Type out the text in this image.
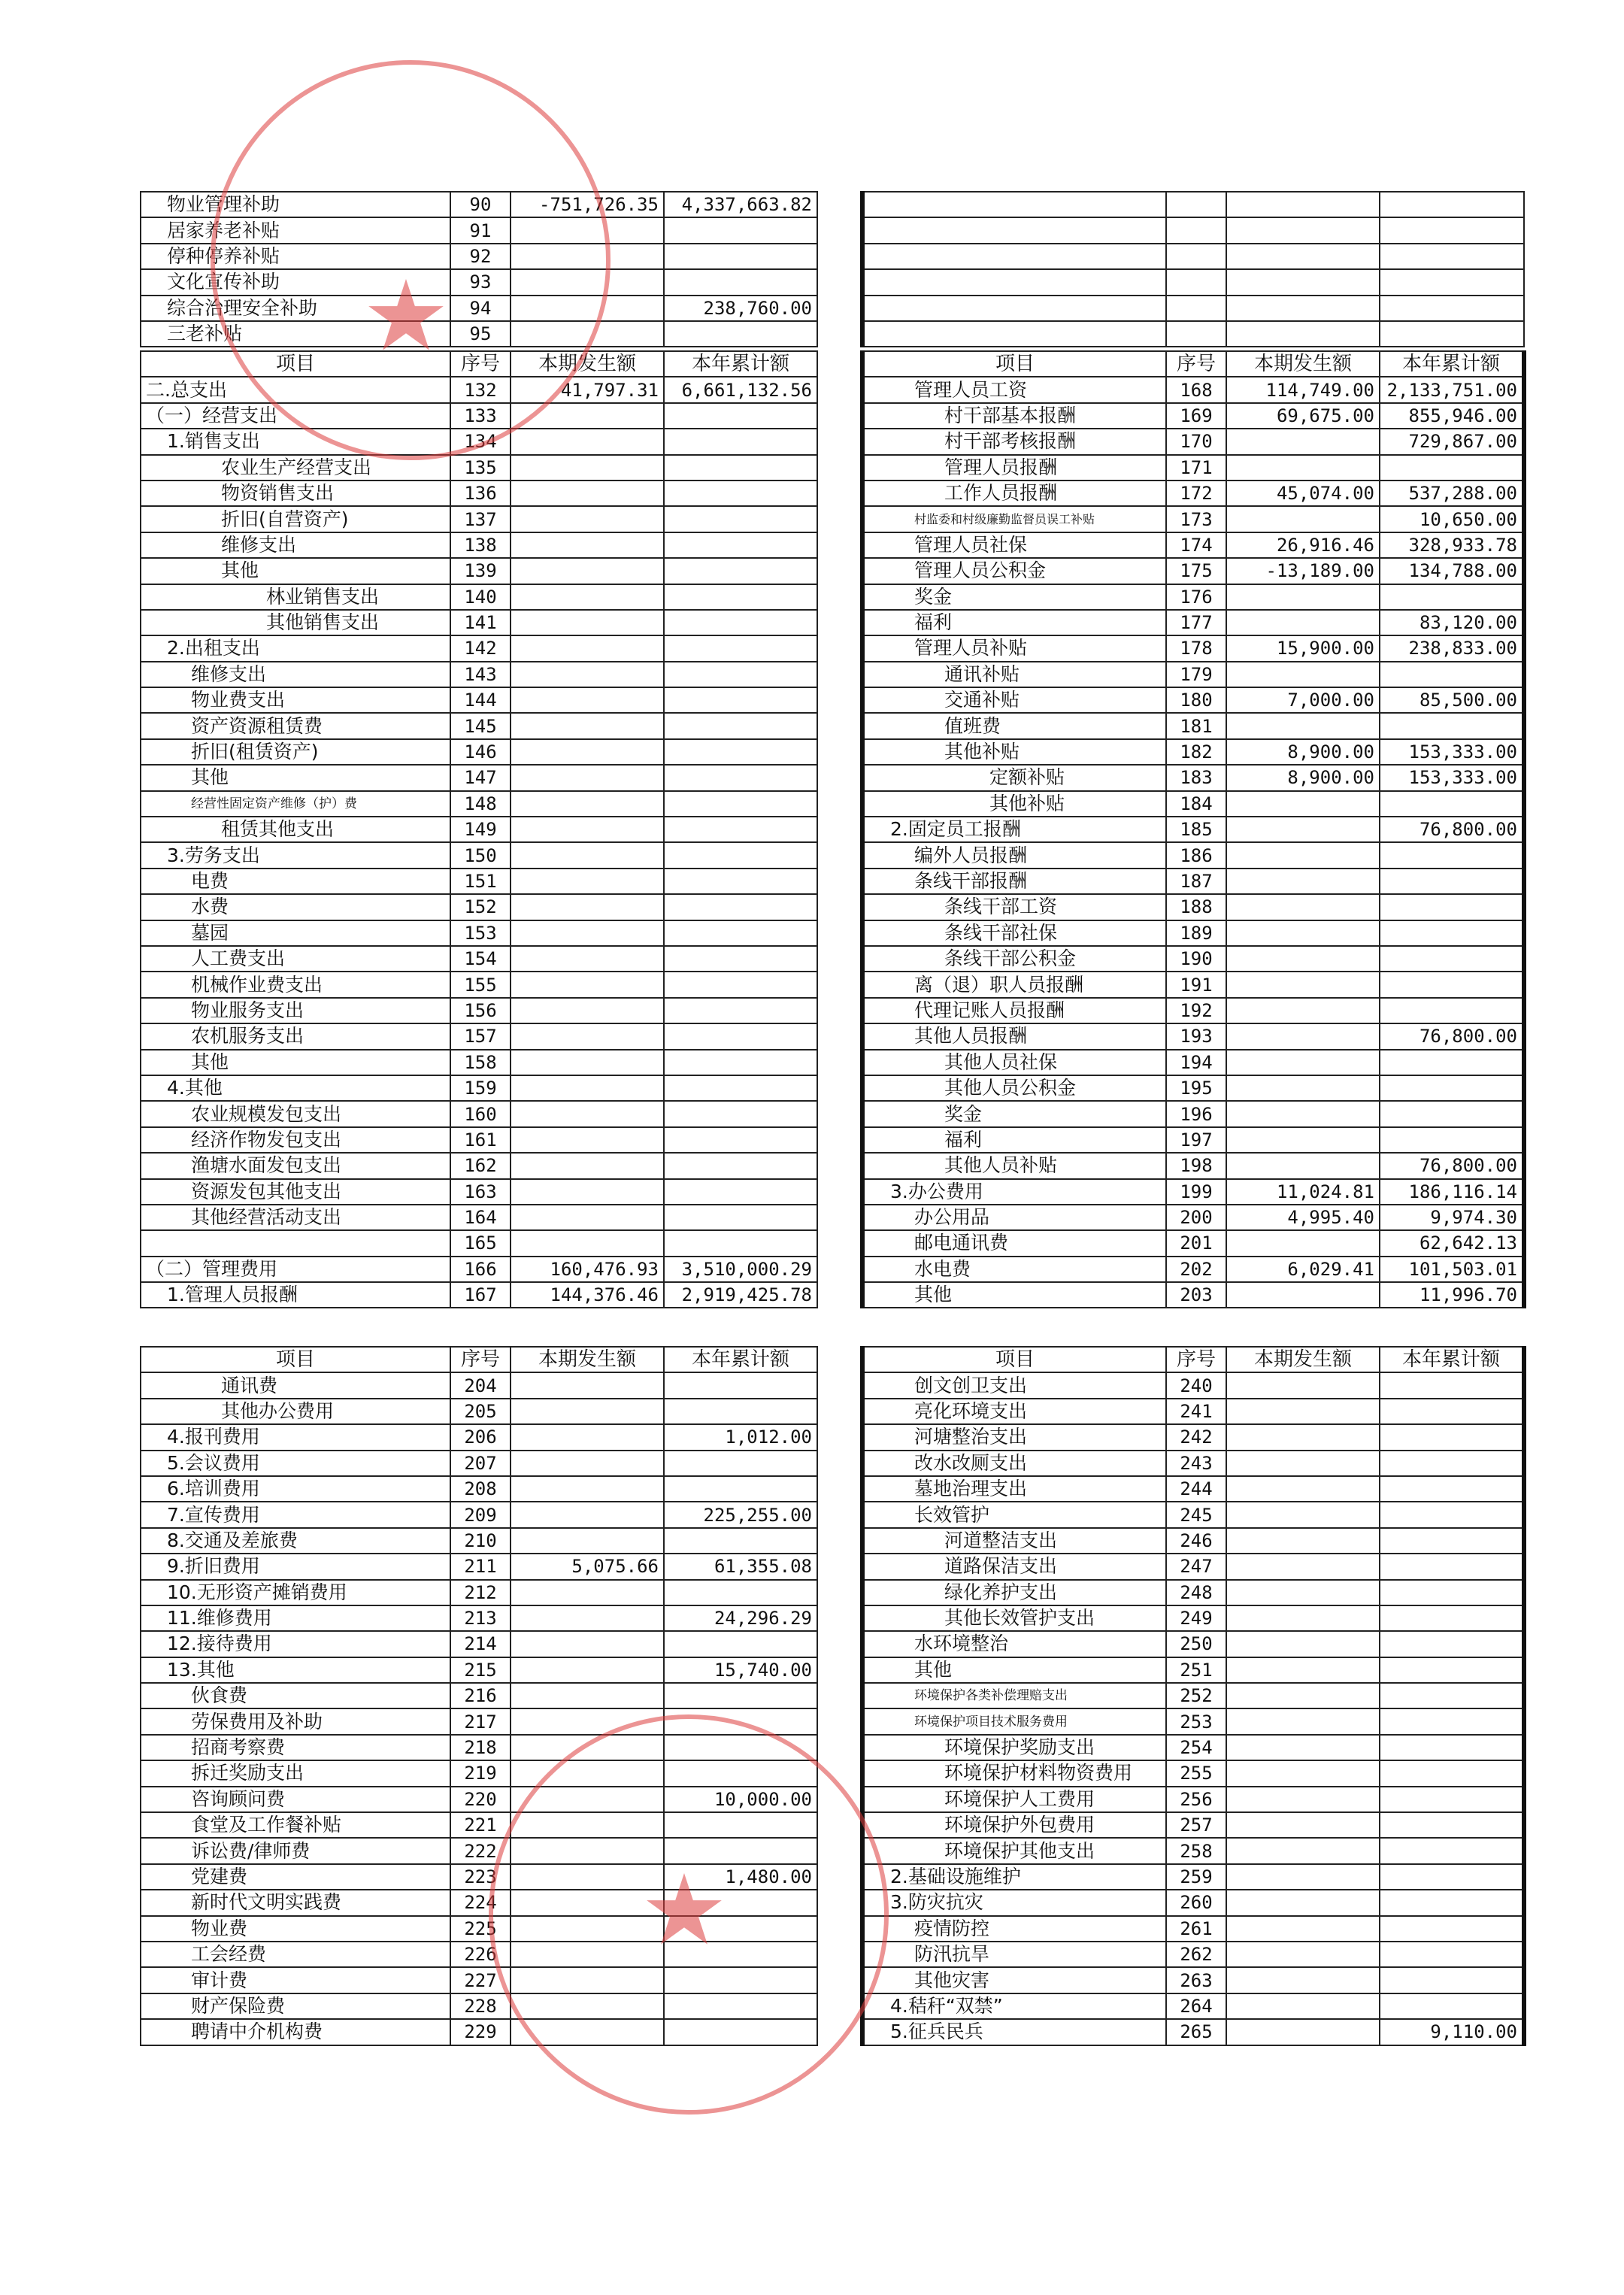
物业管理补助	90	-751,726.35	4,337,663.82					
居家养老补贴	91							
停种停养补贴	92							
文化宣传补助	93							
综合治理安全补助	94		238,760.00					
三老补贴	95							
项目	序号	本期发生额	本年累计额		项目	序号	本期发生额	本年累计额
二.总支出	132	41,797.31	6,661,132.56		管理人员工资	168	114,749.00	2,133,751.00
（一）经营支出	133				村干部基本报酬	169	69,675.00	855,946.00
1.销售支出	134				村干部考核报酬	170		729,867.00
农业生产经营支出	135				管理人员报酬	171		
物资销售支出	136				工作人员报酬	172	45,074.00	537,288.00
折旧(自营资产)	137				村监委和村级廉勤监督员误工补贴	173		10,650.00
维修支出	138				管理人员社保	174	26,916.46	328,933.78
其他	139				管理人员公积金	175	-13,189.00	134,788.00
林业销售支出	140				奖金	176		
其他销售支出	141				福利	177		83,120.00
2.出租支出	142				管理人员补贴	178	15,900.00	238,833.00
维修支出	143				通讯补贴	179		
物业费支出	144				交通补贴	180	7,000.00	85,500.00
资产资源租赁费	145				值班费	181		
折旧(租赁资产)	146				其他补贴	182	8,900.00	153,333.00
其他	147				定额补贴	183	8,900.00	153,333.00
经营性固定资产维修（护）费	148				其他补贴	184		
租赁其他支出	149				2.固定员工报酬	185		76,800.00
3.劳务支出	150				编外人员报酬	186		
电费	151				条线干部报酬	187		
水费	152				条线干部工资	188		
墓园	153				条线干部社保	189		
人工费支出	154				条线干部公积金	190		
机械作业费支出	155				离（退）职人员报酬	191		
物业服务支出	156				代理记账人员报酬	192		
农机服务支出	157				其他人员报酬	193		76,800.00
其他	158				其他人员社保	194		
4.其他	159				其他人员公积金	195		
农业规模发包支出	160				奖金	196		
经济作物发包支出	161				福利	197		
渔塘水面发包支出	162				其他人员补贴	198		76,800.00
资源发包其他支出	163				3.办公费用	199	11,024.81	186,116.14
其他经营活动支出	164				办公用品	200	4,995.40	9,974.30
	165				邮电通讯费	201		62,642.13
（二）管理费用	166	160,476.93	3,510,000.29		水电费	202	6,029.41	101,503.01
1.管理人员报酬	167	144,376.46	2,919,425.78		其他	203		11,996.70
项目	序号	本期发生额	本年累计额		项目	序号	本期发生额	本年累计额
通讯费	204				创文创卫支出	240		
其他办公费用	205				亮化环境支出	241		
4.报刊费用	206		1,012.00		河塘整治支出	242		
5.会议费用	207				改水改厕支出	243		
6.培训费用	208				墓地治理支出	244		
7.宣传费用	209		225,255.00		长效管护	245		
8.交通及差旅费	210				河道整洁支出	246		
9.折旧费用	211	5,075.66	61,355.08		道路保洁支出	247		
10.无形资产摊销费用	212				绿化养护支出	248		
11.维修费用	213		24,296.29		其他长效管护支出	249		
12.接待费用	214				水环境整治	250		
13.其他	215		15,740.00		其他	251		
伙食费	216				环境保护各类补偿理赔支出	252		
劳保费用及补助	217				环境保护项目技术服务费用	253		
招商考察费	218				环境保护奖励支出	254		
拆迁奖励支出	219				环境保护材料物资费用	255		
咨询顾问费	220		10,000.00		环境保护人工费用	256		
食堂及工作餐补贴	221				环境保护外包费用	257		
诉讼费/律师费	222				环境保护其他支出	258		
党建费	223		1,480.00		2.基础设施维护	259		
新时代文明实践费	224				3.防灾抗灾	260		
物业费	225				疫情防控	261		
工会经费	226				防汛抗旱	262		
审计费	227				其他灾害	263		
财产保险费	228				4.秸秆“双禁”	264		
聘请中介机构费	229				5.征兵民兵	265		9,110.00
★
★
